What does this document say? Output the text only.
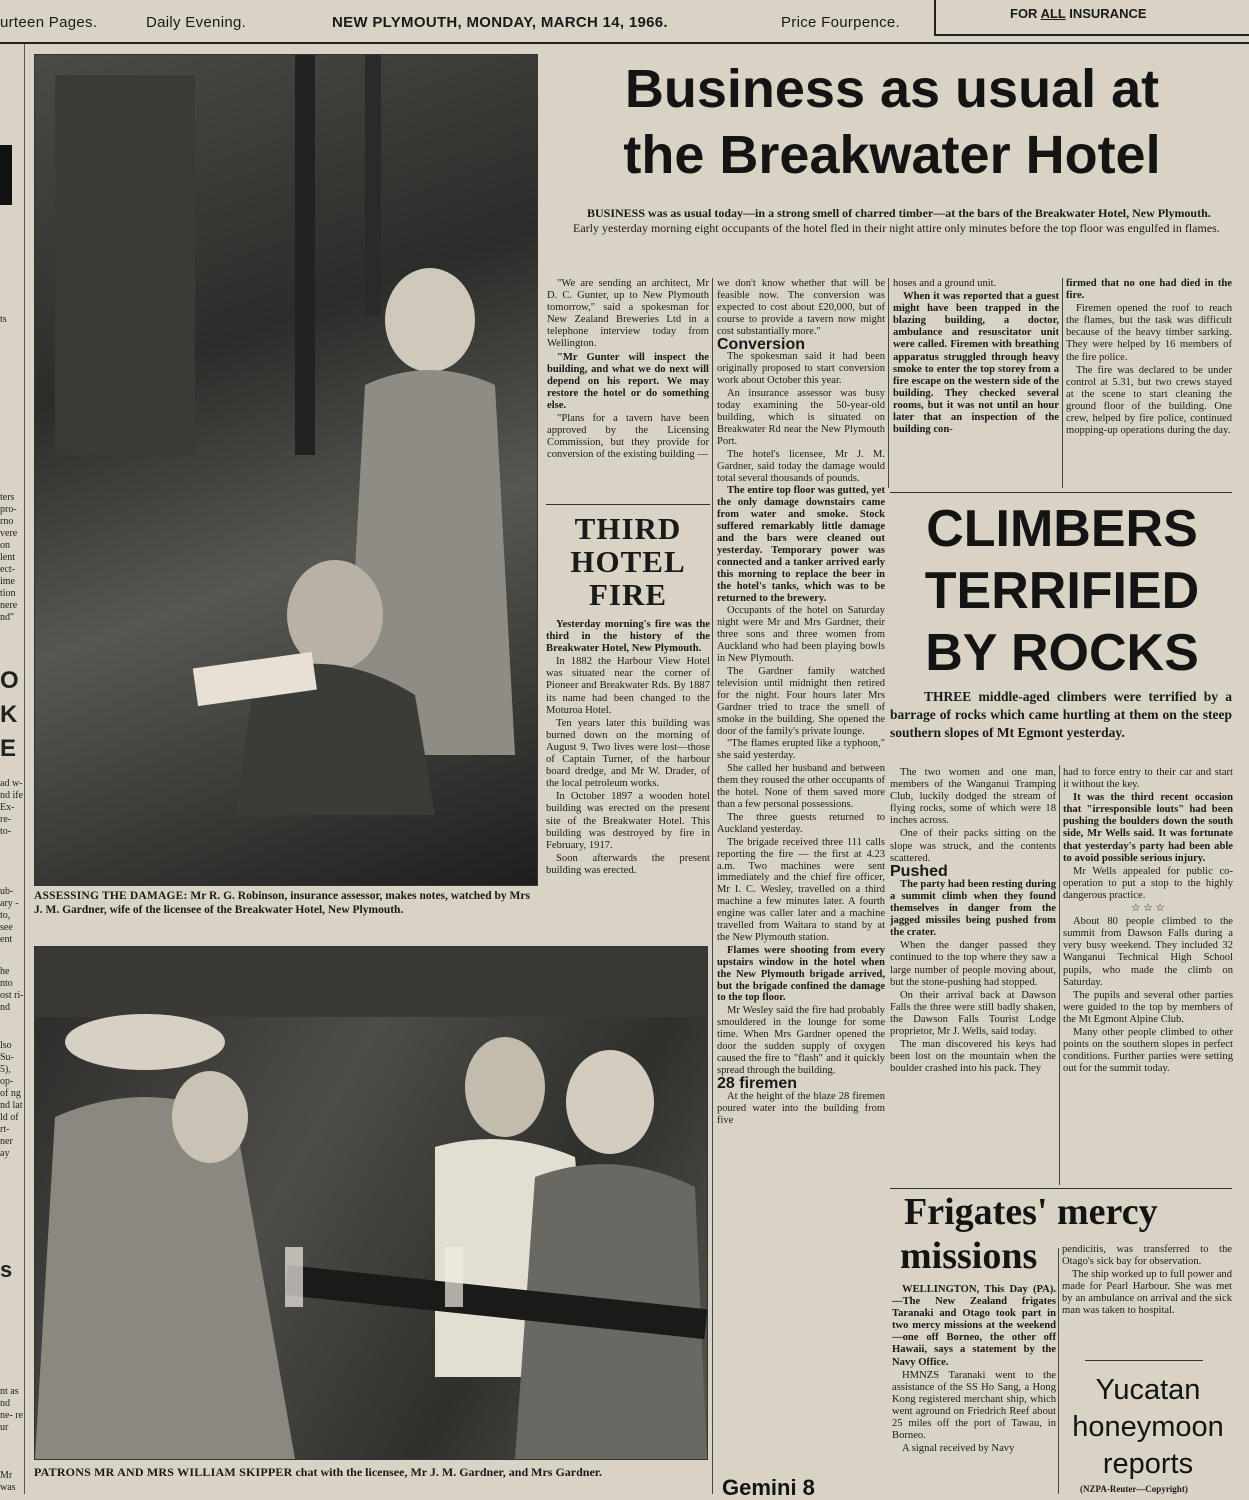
urteen Pages.	Daily Evening.	NEW PLYMOUTH, MONDAY, MARCH 14, 1966.	Price Fourpence.
FOR ALL INSURANCE
ts
ters pro- rno vere on lent ect- ime tion nere nd"
O K E
ad w- nd ife Ex- re- to-
ub- ary -to, see ent
he nto ost ri- nd
lso Su- 5), op- of ng nd lat ld of rt- ner ay
s
nt as nd ne- re ur
Mr was
ASSESSING THE DAMAGE: Mr R. G. Robinson, insurance assessor, makes notes, watched by Mrs J. M. Gardner, wife of the licensee of the Breakwater Hotel, New Plymouth.
PATRONS MR AND MRS WILLIAM SKIPPER chat with the licensee, Mr J. M. Gardner, and Mrs Gardner.
Business as usual at
the Breakwater Hotel

BUSINESS was as usual today—in a strong smell of charred timber—at the bars of the Breakwater Hotel, New Plymouth.

Early yesterday morning eight occupants of the hotel fled in their night attire only minutes before the top floor was engulfed in flames.

"We are sending an architect, Mr D. C. Gunter, up to New Plymouth tomorrow," said a spokesman for New Zealand Breweries Ltd in a telephone interview today from Wellington.

"Mr Gunter will inspect the building, and what we do next will depend on his report. We may restore the hotel or do something else.

"Plans for a tavern have been approved by the Licensing Commission, but they provide for conversion of the existing building —

THIRD
HOTEL
FIRE

Yesterday morning's fire was the third in the history of the Breakwater Hotel, New Plymouth.

In 1882 the Harbour View Hotel was situated near the corner of Pioneer and Breakwater Rds. By 1887 its name had been changed to the Moturoa Hotel.

Ten years later this building was burned down on the morning of August 9. Two lives were lost—those of Captain Turner, of the harbour board dredge, and Mr W. Drader, of the local petroleum works.

In October 1897 a wooden hotel building was erected on the present site of the Breakwater Hotel. This building was destroyed by fire in February, 1917.

Soon afterwards the present building was erected.

we don't know whether that will be feasible now. The conversion was expected to cost about £20,000, but of course to provide a tavern now might cost substantially more."

Conversion

The spokesman said it had been originally proposed to start conversion work about October this year.

An insurance assessor was busy today examining the 50-year-old building, which is situated on Breakwater Rd near the New Plymouth Port.

The hotel's licensee, Mr J. M. Gardner, said today the damage would total several thousands of pounds.

The entire top floor was gutted, yet the only damage downstairs came from water and smoke. Stock suffered remarkably little damage and the bars were cleaned out yesterday. Temporary power was connected and a tanker arrived early this morning to replace the beer in the hotel's tanks, which was to be returned to the brewery.

Occupants of the hotel on Saturday night were Mr and Mrs Gardner, their three sons and three women from Auckland who had been playing bowls in New Plymouth.

The Gardner family watched television until midnight then retired for the night. Four hours later Mrs Gardner tried to trace the smell of smoke in the building. She opened the door of the family's private lounge.

"The flames erupted like a typhoon," she said yesterday.

She called her husband and between them they roused the other occupants of the hotel. None of them saved more than a few personal possessions.

The three guests returned to Auckland yesterday.

The brigade received three 111 calls reporting the fire — the first at 4.23 a.m. Two machines were sent immediately and the chief fire officer, Mr I. C. Wesley, travelled on a third machine a few minutes later. A fourth engine was caller later and a machine travelled from Waitara to stand by at the New Plymouth station.

Flames were shooting from every upstairs window in the hotel when the New Plymouth brigade arrived, but the brigade confined the damage to the top floor.

Mr Wesley said the fire had probably smouldered in the lounge for some time. When Mrs Gardner opened the door the sudden supply of oxygen caused the fire to "flash" and it quickly spread through the building.

28 firemen

At the height of the blaze 28 firemen poured water into the building from five

hoses and a ground unit.

When it was reported that a guest might have been trapped in the blazing building, a doctor, ambulance and resuscitator unit were called. Firemen with breathing apparatus struggled through heavy smoke to enter the top storey from a fire escape on the western side of the building. They checked several rooms, but it was not until an hour later that an inspection of the building con-

firmed that no one had died in the fire.

Firemen opened the roof to reach the flames, but the task was difficult because of the heavy timber sarking. They were helped by 16 members of the fire police.

The fire was declared to be under control at 5.31, but two crews stayed at the scene to start cleaning the ground floor of the building. One crew, helped by fire police, continued mopping-up operations during the day.

CLIMBERS
TERRIFIED
BY ROCKS

THREE middle-aged climbers were terrified by a barrage of rocks which came hurtling at them on the steep southern slopes of Mt Egmont yesterday.

The two women and one man, members of the Wanganui Tramping Club, luckily dodged the stream of flying rocks, some of which were 18 inches across.

One of their packs sitting on the slope was struck, and the contents scattered.

Pushed

The party had been resting during a summit climb when they found themselves in danger from the jagged missiles being pushed from the crater.

When the danger passed they continued to the top where they saw a large number of people moving about, but the stone-pushing had stopped.

On their arrival back at Dawson Falls the three were still badly shaken, the Dawson Falls Tourist Lodge proprietor, Mr J. Wells, said today.

The man discovered his keys had been lost on the mountain when the boulder crashed into his pack. They

had to force entry to their car and start it without the key.

It was the third recent occasion that "irresponsible louts" had been pushing the boulders down the south side, Mr Wells said. It was fortunate that yesterday's party had been able to avoid possible serious injury.

Mr Wells appealed for public co-operation to put a stop to the highly dangerous practice.

☆ ☆ ☆

About 80 people climbed to the summit from Dawson Falls during a very busy weekend. They included 32 Wanganui Technical High School pupils, who made the climb on Saturday.

The pupils and several other parties were guided to the top by members of the Mt Egmont Alpine Club.

Many other people climbed to other points on the southern slopes in perfect conditions. Further parties were setting out for the summit today.

Frigates' mercy
missions

WELLINGTON, This Day (PA).—The New Zealand frigates Taranaki and Otago took part in two mercy missions at the weekend—one off Borneo, the other off Hawaii, says a statement by the Navy Office.

HMNZS Taranaki went to the assistance of the SS Ho Sang, a Hong Kong registered merchant ship, which went aground on Friedrich Reef about 25 miles off the port of Tawau, in Borneo.

A signal received by Navy

pendicitis, was transferred to the Otago's sick bay for observation.

The ship worked up to full power and made for Pearl Harbour. She was met by an ambulance on arrival and the sick man was taken to hospital.

Yucatan
honeymoon
reports
(NZPA-Reuter—Copyright)
Gemini 8
